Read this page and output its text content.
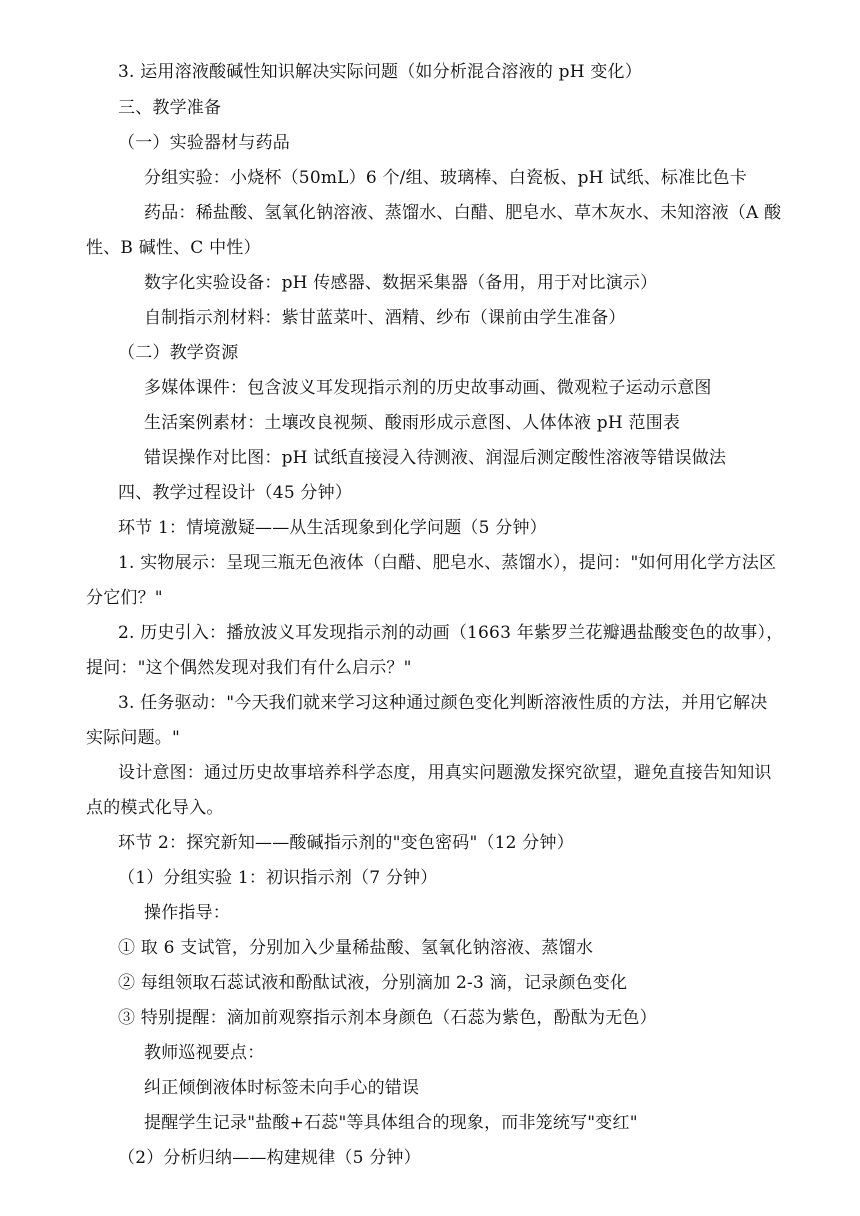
3. 运用溶液酸碱性知识解决实际问题（如分析混合溶液的 pH 变化）
三、教学准备
（一）实验器材与药品
分组实验：小烧杯（50mL）6 个/组、玻璃棒、白瓷板、pH 试纸、标准比色卡
药品：稀盐酸、氢氧化钠溶液、蒸馏水、白醋、肥皂水、草木灰水、未知溶液（A 酸
性、B 碱性、C 中性）
数字化实验设备：pH 传感器、数据采集器（备用，用于对比演示）
自制指示剂材料：紫甘蓝菜叶、酒精、纱布（课前由学生准备）
（二）教学资源
多媒体课件：包含波义耳发现指示剂的历史故事动画、微观粒子运动示意图
生活案例素材：土壤改良视频、酸雨形成示意图、人体体液 pH 范围表
错误操作对比图：pH 试纸直接浸入待测液、润湿后测定酸性溶液等错误做法
四、教学过程设计（45 分钟）
环节 1：情境激疑——从生活现象到化学问题（5 分钟）
1. 实物展示：呈现三瓶无色液体（白醋、肥皂水、蒸馏水），提问："如何用化学方法区
分它们？"
2. 历史引入：播放波义耳发现指示剂的动画（1663 年紫罗兰花瓣遇盐酸变色的故事），
提问："这个偶然发现对我们有什么启示？"
3. 任务驱动："今天我们就来学习这种通过颜色变化判断溶液性质的方法，并用它解决
实际问题。"
设计意图：通过历史故事培养科学态度，用真实问题激发探究欲望，避免直接告知知识
点的模式化导入。
环节 2：探究新知——酸碱指示剂的"变色密码"（12 分钟）
（1）分组实验 1：初识指示剂（7 分钟）
操作指导：
① 取 6 支试管，分别加入少量稀盐酸、氢氧化钠溶液、蒸馏水
② 每组领取石蕊试液和酚酞试液，分别滴加 2-3 滴，记录颜色变化
③ 特别提醒：滴加前观察指示剂本身颜色（石蕊为紫色，酚酞为无色）
教师巡视要点：
纠正倾倒液体时标签未向手心的错误
提醒学生记录"盐酸+石蕊"等具体组合的现象，而非笼统写"变红"
（2）分析归纳——构建规律（5 分钟）
